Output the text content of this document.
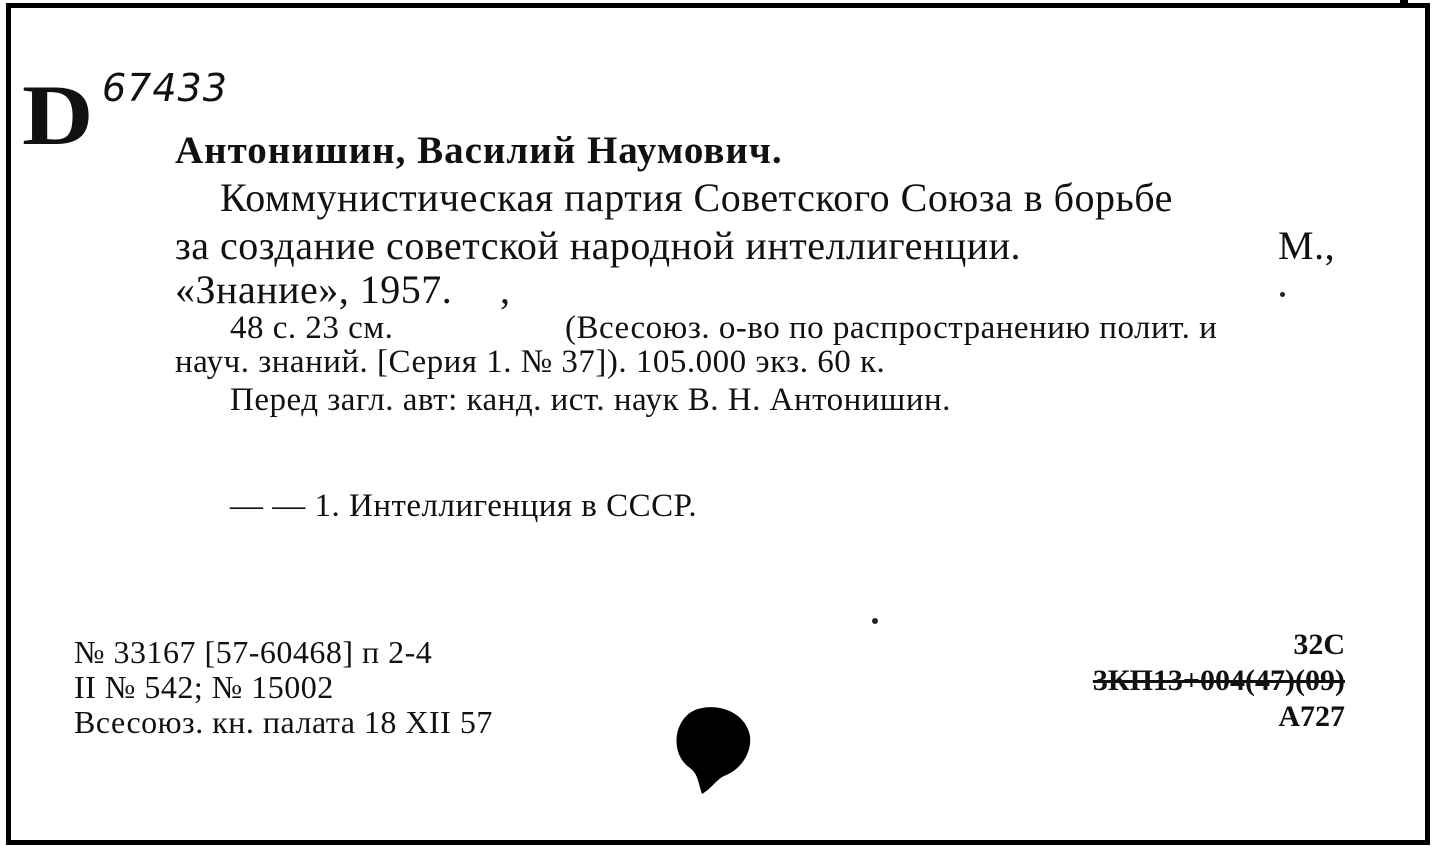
D 67433
Антонишин, Василий Наумович.
Коммунистическая партия Советского Союза в борьбе
за создание советской народной интеллигенции.	М.,
«Знание», 1957. ,
48 с. 23 см.	(Всесоюз. о-во по распространению полит. и
науч. знаний. [Серия 1. № 37]). 105.000 экз. 60 к.
Перед загл. авт: канд. ист. наук В. Н. Антонишин.
— — 1. Интеллигенция в СССР.
№ 33167 [57-60468] п 2-4
II № 542; № 15002
Всесоюз. кн. палата 18 XII 57
32С
3КП13+004(47)(09)
А727
